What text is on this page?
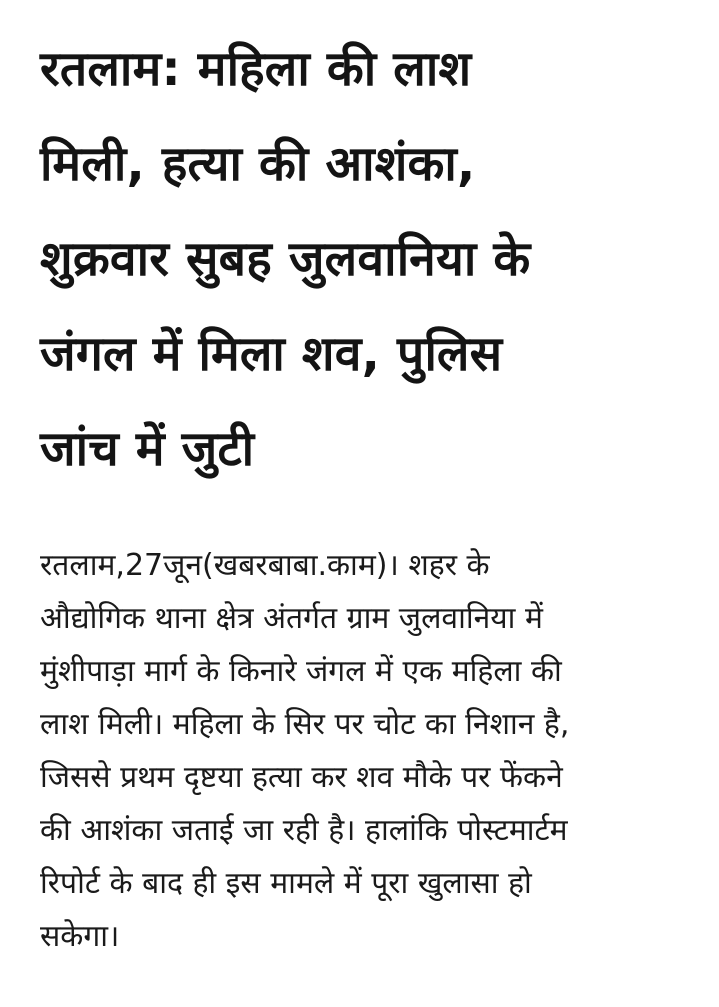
रतलाम: महिला की लाश
मिली, हत्या की आशंका,
शुक्रवार सुबह जुलवानिया के
जंगल में मिला शव, पुलिस
जांच में जुटी

रतलाम,27जून(खबरबाबा.काम)। शहर के
औद्योगिक थाना क्षेत्र अंतर्गत ग्राम जुलवानिया में
मुंशीपाड़ा मार्ग के किनारे जंगल में एक महिला की
लाश मिली। महिला के सिर पर चोट का निशान है,
जिससे प्रथम दृष्टया हत्या कर शव मौके पर फेंकने
की आशंका जताई जा रही है। हालांकि पोस्टमार्टम
रिपोर्ट के बाद ही इस मामले में पूरा खुलासा हो
सकेगा।
